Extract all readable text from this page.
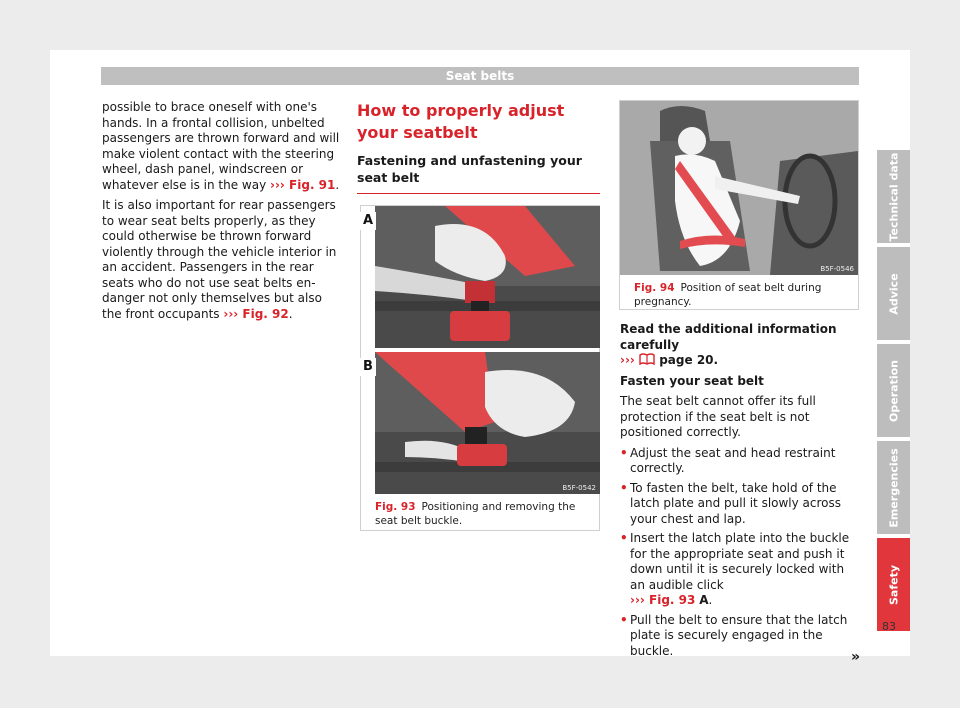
Seat belts

possible to brace oneself with one's hands. In a frontal collision, unbelted passengers are thrown forward and will make violent contact with the steering wheel, dash panel, windscreen or whatever else is in the way ››› Fig. 91.

It is also important for rear passengers to wear seat belts properly, as they could otherwise be thrown forward violently through the vehicle interior in an accident. Passengers in the rear seats who do not use seat belts endanger not only themselves but also the front occupants ››› Fig. 92.

How to properly adjust your seatbelt
Fastening and unfastening your seat belt
A
B5F-0542
B
Fig. 93 Positioning and removing the seat belt buckle.
B5F-0546
Fig. 94 Position of seat belt during pregnancy.

Read the additional information carefully
››› page 20.

Fasten your seat belt

The seat belt cannot offer its full protection if the seat belt is not positioned correctly.

• Adjust the seat and head restraint correctly.
• To fasten the belt, take hold of the latch plate and pull it slowly across your chest and lap.
• Insert the latch plate into the buckle for the appropriate seat and push it down until it is securely locked with an audible click
››› Fig. 93 A.
• Pull the belt to ensure that the latch plate is securely engaged in the buckle.	»
Technical data
Advice
Operation
Emergencies
Safety
83
